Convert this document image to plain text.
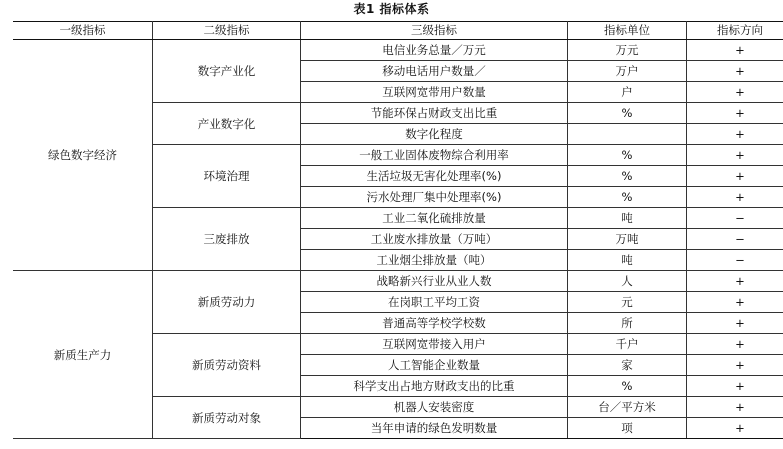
表1 指标体系
一级指标	二级指标	三级指标	指标单位	指标方向
绿色数字经济	数字产业化	电信业务总量／万元	万元	+
		移动电话用户数量／	万户	+
		互联网宽带用户数量	户	+
	产业数字化	节能环保占财政支出比重	%	+
		数字化程度		+
	环境治理	一般工业固体废物综合利用率	%	+
		生活垃圾无害化处理率(%)	%	+
		污水处理厂集中处理率(%)	%	+
	三废排放	工业二氧化硫排放量	吨	−
		工业废水排放量（万吨）	万吨	−
		工业烟尘排放量（吨）	吨	−
新质生产力	新质劳动力	战略新兴行业从业人数	人	+
		在岗职工平均工资	元	+
		普通高等学校学校数	所	+
	新质劳动资料	互联网宽带接入用户	千户	+
		人工智能企业数量	家	+
		科学支出占地方财政支出的比重	%	+
	新质劳动对象	机器人安装密度	台／平方米	+
		当年申请的绿色发明数量	项	+
